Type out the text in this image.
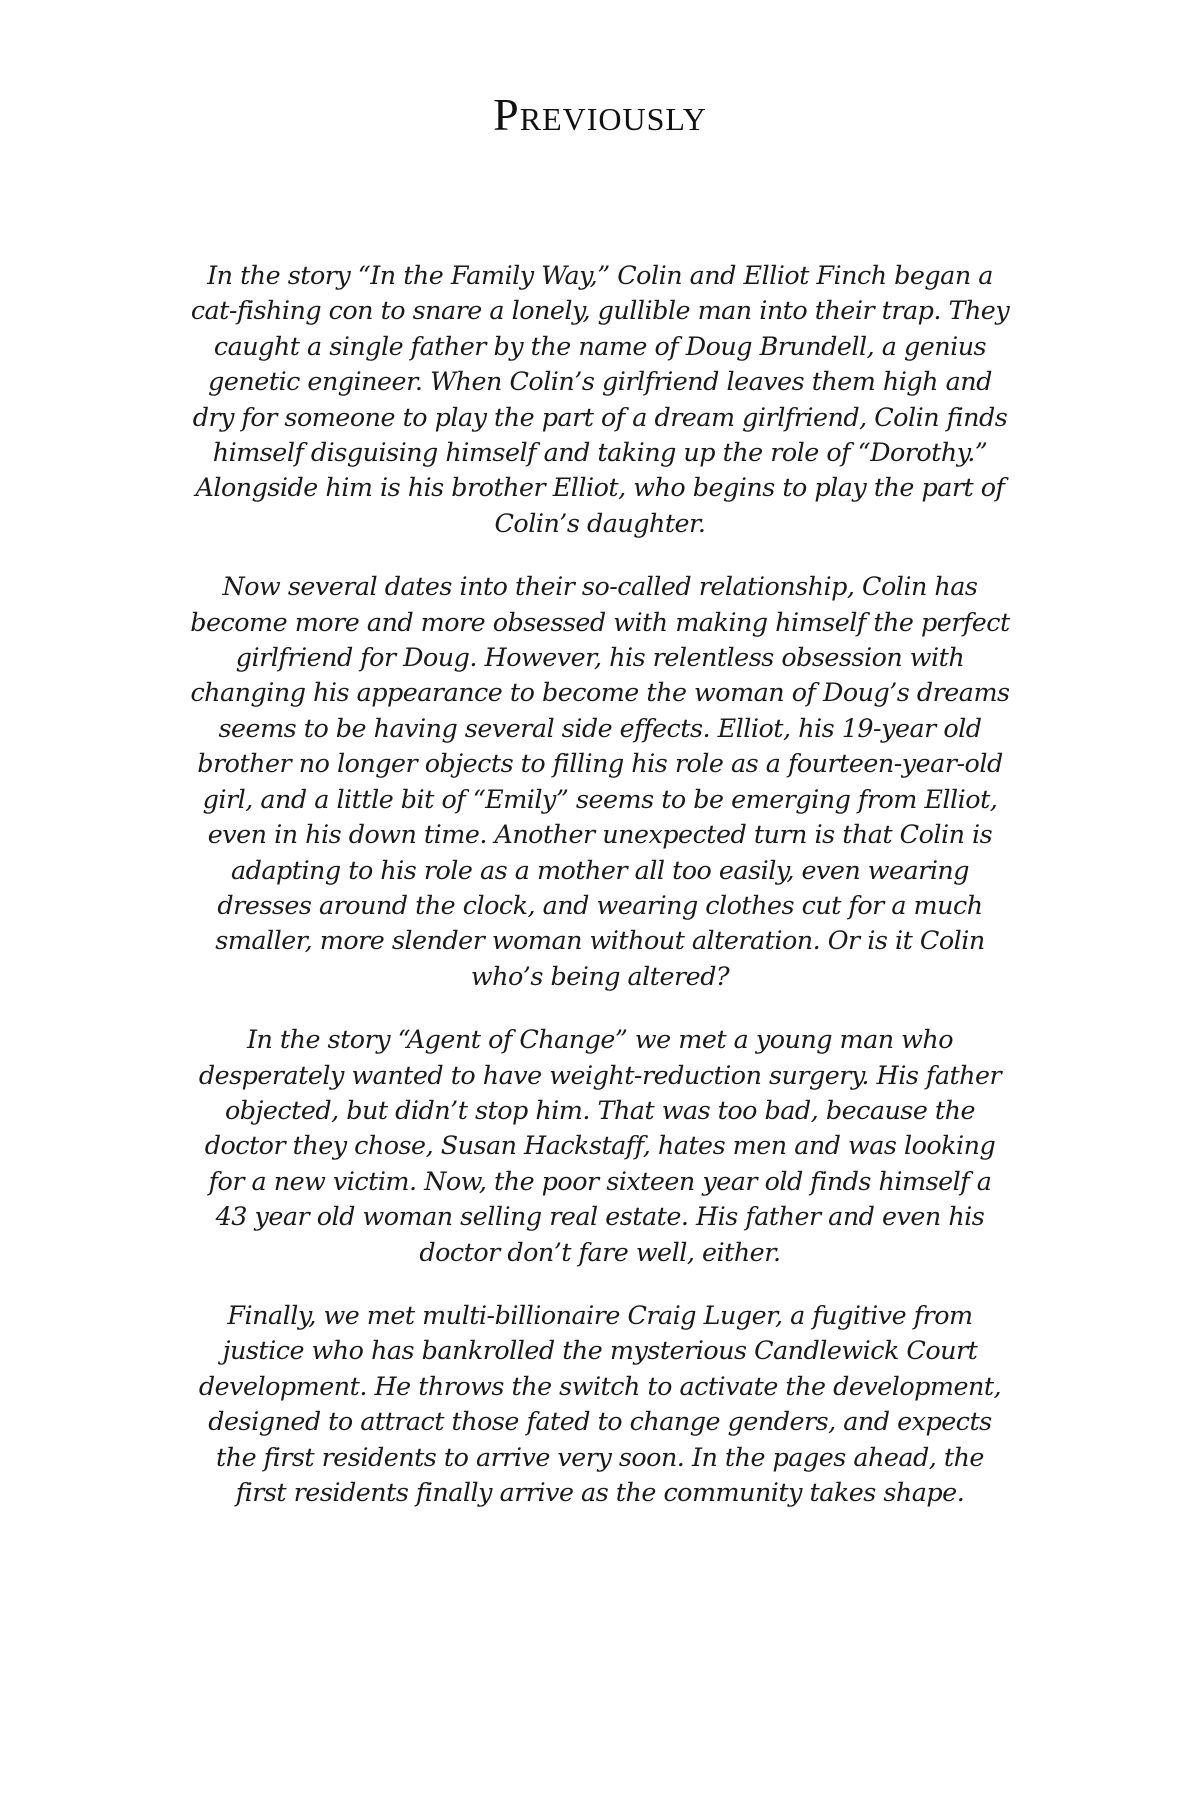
Previously

In the story “In the Family Way,” Colin and Elliot Finch began a cat-fishing con to snare a lonely, gullible man into their trap. They caught a single father by the name of Doug Brundell, a genius genetic engineer. When Colin’s girlfriend leaves them high and dry for someone to play the part of a dream girlfriend, Colin finds himself disguising himself and taking up the role of “Dorothy.” Alongside him is his brother Elliot, who begins to play the part of Colin’s daughter.

Now several dates into their so-called relationship, Colin has become more and more obsessed with making himself the perfect girlfriend for Doug. However, his relentless obsession with changing his appearance to become the woman of Doug’s dreams seems to be having several side effects. Elliot, his 19-year old brother no longer objects to filling his role as a fourteen-year-old girl, and a little bit of “Emily” seems to be emerging from Elliot, even in his down time. Another unexpected turn is that Colin is adapting to his role as a mother all too easily, even wearing dresses around the clock, and wearing clothes cut for a much smaller, more slender woman without alteration. Or is it Colin who’s being altered?

In the story “Agent of Change” we met a young man who desperately wanted to have weight-reduction surgery. His father objected, but didn’t stop him. That was too bad, because the doctor they chose, Susan Hackstaff, hates men and was looking for a new victim. Now, the poor sixteen year old finds himself a 43 year old woman selling real estate. His father and even his doctor don’t fare well, either.

Finally, we met multi-billionaire Craig Luger, a fugitive from justice who has bankrolled the mysterious Candlewick Court development. He throws the switch to activate the development, designed to attract those fated to change genders, and expects the first residents to arrive very soon. In the pages ahead, the first residents finally arrive as the community takes shape.
